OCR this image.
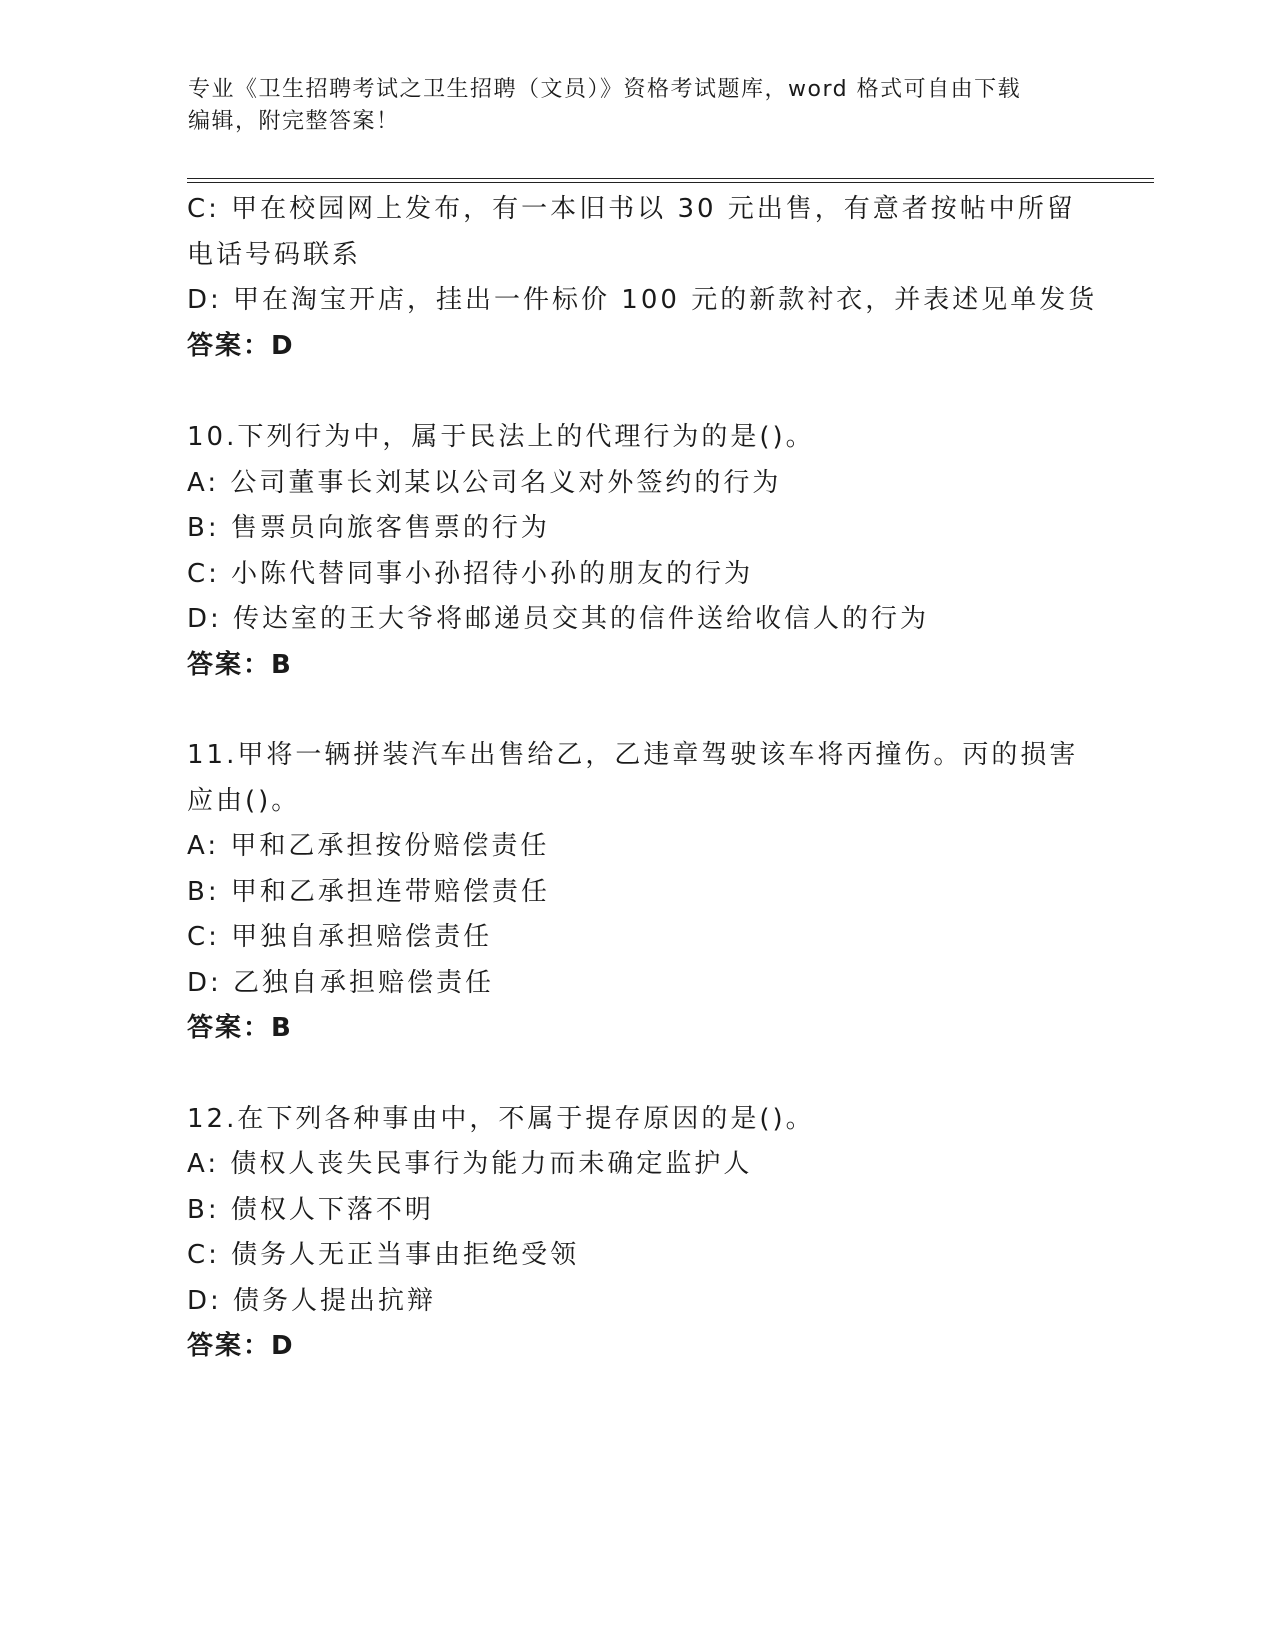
专业《卫生招聘考试之卫生招聘（文员）》资格考试题库，word 格式可自由下载
编辑，附完整答案！
C: 甲在校园网上发布，有一本旧书以 30 元出售，有意者按帖中所留
电话号码联系
D: 甲在淘宝开店，挂出一件标价 100 元的新款衬衣，并表述见单发货
答案：D
10.下列行为中，属于民法上的代理行为的是()。
A: 公司董事长刘某以公司名义对外签约的行为
B: 售票员向旅客售票的行为
C: 小陈代替同事小孙招待小孙的朋友的行为
D: 传达室的王大爷将邮递员交其的信件送给收信人的行为
答案：B
11.甲将一辆拼装汽车出售给乙，乙违章驾驶该车将丙撞伤。丙的损害
应由()。
A: 甲和乙承担按份赔偿责任
B: 甲和乙承担连带赔偿责任
C: 甲独自承担赔偿责任
D: 乙独自承担赔偿责任
答案：B
12.在下列各种事由中，不属于提存原因的是()。
A: 债权人丧失民事行为能力而未确定监护人
B: 债权人下落不明
C: 债务人无正当事由拒绝受领
D: 债务人提出抗辩
答案：D
